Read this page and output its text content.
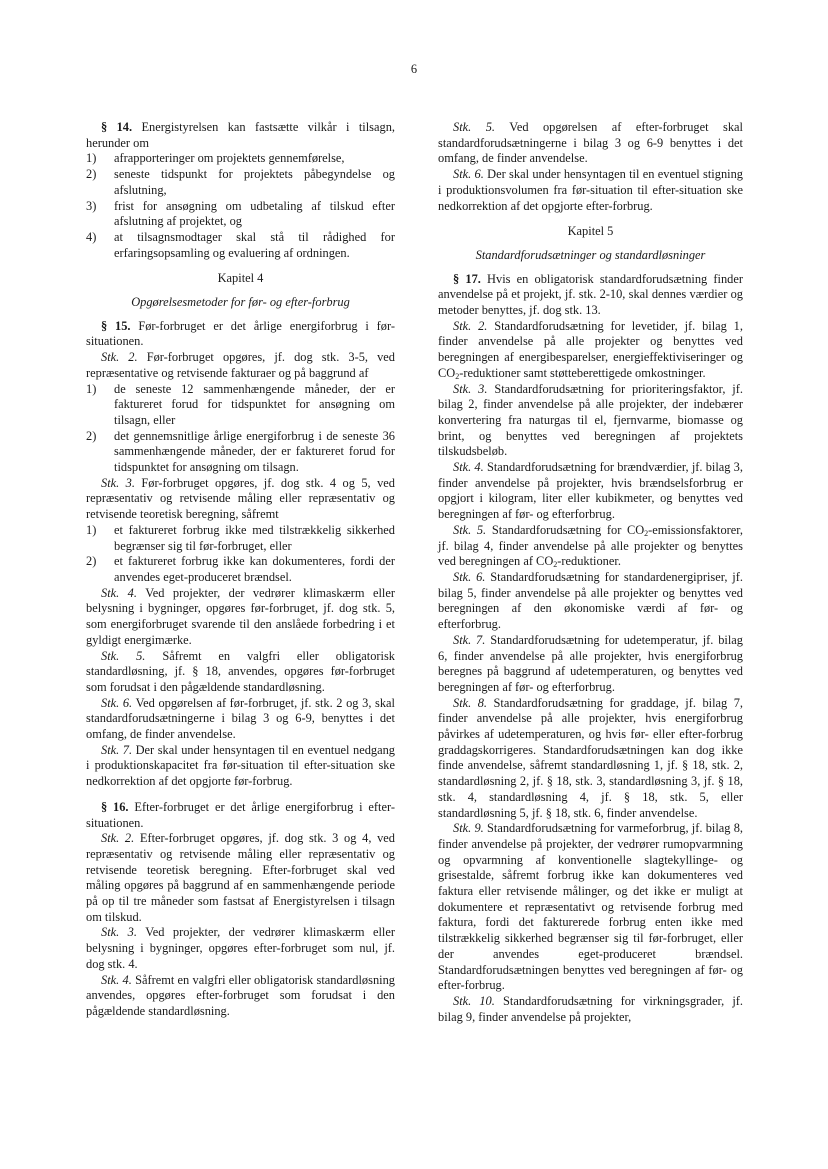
6

§ 14. Energistyrelsen kan fastsætte vilkår i tilsagn, herunder om

1)	afrapporteringer om projektets gennemførelse,
2)	seneste tidspunkt for projektets påbegyndelse og afslutning,
3)	frist for ansøgning om udbetaling af tilskud efter afslutning af projektet, og
4)	at tilsagnsmodtager skal stå til rådighed for erfaringsopsamling og evaluering af ordningen.

Kapitel 4

Opgørelsesmetoder for før- og efter-forbrug

§ 15. Før-forbruget er det årlige energiforbrug i før-situationen.

Stk. 2. Før-forbruget opgøres, jf. dog stk. 3-5, ved repræsentative og retvisende fakturaer og på baggrund af

1)	de seneste 12 sammenhængende måneder, der er faktureret forud for tidspunktet for ansøgning om tilsagn, eller
2)	det gennemsnitlige årlige energiforbrug i de seneste 36 sammenhængende måneder, der er faktureret forud for tidspunktet for ansøgning om tilsagn.

Stk. 3. Før-forbruget opgøres, jf. dog stk. 4 og 5, ved repræsentativ og retvisende måling eller repræsentativ og retvisende teoretisk beregning, såfremt

1)	et faktureret forbrug ikke med tilstrækkelig sikkerhed begrænser sig til før-forbruget, eller
2)	et faktureret forbrug ikke kan dokumenteres, fordi der anvendes eget-produceret brændsel.

Stk. 4. Ved projekter, der vedrører klimaskærm eller belysning i bygninger, opgøres før-forbruget, jf. dog stk. 5, som energiforbruget svarende til den anslåede forbedring i et gyldigt energimærke.

Stk. 5. Såfremt en valgfri eller obligatorisk standardløsning, jf. § 18, anvendes, opgøres før-forbruget som forudsat i den pågældende standardløsning.

Stk. 6. Ved opgørelsen af før-forbruget, jf. stk. 2 og 3, skal standardforudsætningerne i bilag 3 og 6-9, benyttes i det omfang, de finder anvendelse.

Stk. 7. Der skal under hensyntagen til en eventuel nedgang i produktionskapacitet fra før-situation til efter-situation ske nedkorrektion af det opgjorte før-forbrug.

§ 16. Efter-forbruget er det årlige energiforbrug i efter-situationen.

Stk. 2. Efter-forbruget opgøres, jf. dog stk. 3 og 4, ved repræsentativ og retvisende måling eller repræsentativ og retvisende teoretisk beregning. Efter-forbruget skal ved måling opgøres på baggrund af en sammenhængende periode på op til tre måneder som fastsat af Energistyrelsen i tilsagn om tilskud.

Stk. 3. Ved projekter, der vedrører klimaskærm eller belysning i bygninger, opgøres efter-forbruget som nul, jf. dog stk. 4.

Stk. 4. Såfremt en valgfri eller obligatorisk standardløsning anvendes, opgøres efter-forbruget som forudsat i den pågældende standardløsning.

Stk. 5. Ved opgørelsen af efter-forbruget skal standardforudsætningerne i bilag 3 og 6-9 benyttes i det omfang, de finder anvendelse.

Stk. 6. Der skal under hensyntagen til en eventuel stigning i produktionsvolumen fra før-situation til efter-situation ske nedkorrektion af det opgjorte efter-forbrug.

Kapitel 5

Standardforudsætninger og standardløsninger

§ 17. Hvis en obligatorisk standardforudsætning finder anvendelse på et projekt, jf. stk. 2-10, skal dennes værdier og metoder benyttes, jf. dog stk. 13.

Stk. 2. Standardforudsætning for levetider, jf. bilag 1, finder anvendelse på alle projekter og benyttes ved beregningen af energibesparelser, energieffektiviseringer og $CO_2$-reduktioner samt støtteberettigede omkostninger.

Stk. 3. Standardforudsætning for prioriteringsfaktor, jf. bilag 2, finder anvendelse på alle projekter, der indebærer konvertering fra naturgas til el, fjernvarme, biomasse og brint, og benyttes ved beregningen af projektets tilskudsbeløb.

Stk. 4. Standardforudsætning for brændværdier, jf. bilag 3, finder anvendelse på projekter, hvis brændselsforbrug er opgjort i kilogram, liter eller kubikmeter, og benyttes ved beregningen af før- og efterforbrug.

Stk. 5. Standardforudsætning for $CO_2$-emissionsfaktorer, jf. bilag 4, finder anvendelse på alle projekter og benyttes ved beregningen af $CO_2$-reduktioner.

Stk. 6. Standardforudsætning for standardenergipriser, jf. bilag 5, finder anvendelse på alle projekter og benyttes ved beregningen af den økonomiske værdi af før- og efterforbrug.

Stk. 7. Standardforudsætning for udetemperatur, jf. bilag 6, finder anvendelse på alle projekter, hvis energiforbrug beregnes på baggrund af udetemperaturen, og benyttes ved beregningen af før- og efterforbrug.

Stk. 8. Standardforudsætning for graddage, jf. bilag 7, finder anvendelse på alle projekter, hvis energiforbrug påvirkes af udetemperaturen, og hvis før- eller efter-forbrug graddagskorrigeres. Standardforudsætningen kan dog ikke finde anvendelse, såfremt standardløsning 1, jf. § 18, stk. 2, standardløsning 2, jf. § 18, stk. 3, standardløsning 3, jf. § 18, stk. 4, standardløsning 4, jf. § 18, stk. 5, eller standardløsning 5, jf. § 18, stk. 6, finder anvendelse.

Stk. 9. Standardforudsætning for varmeforbrug, jf. bilag 8, finder anvendelse på projekter, der vedrører rumopvarmning og opvarmning af konventionelle slagtekyllinge- og grisestalde, såfremt forbrug ikke kan dokumenteres ved faktura eller retvisende målinger, og det ikke er muligt at dokumentere et repræsentativt og retvisende forbrug med faktura, fordi det fakturerede forbrug enten ikke med tilstrækkelig sikkerhed begrænser sig til før-forbruget, eller der anvendes eget-produceret brændsel. Standardforudsætningen benyttes ved beregningen af før- og efter-forbrug.

Stk. 10. Standardforudsætning for virkningsgrader, jf. bilag 9, finder anvendelse på projekter,
